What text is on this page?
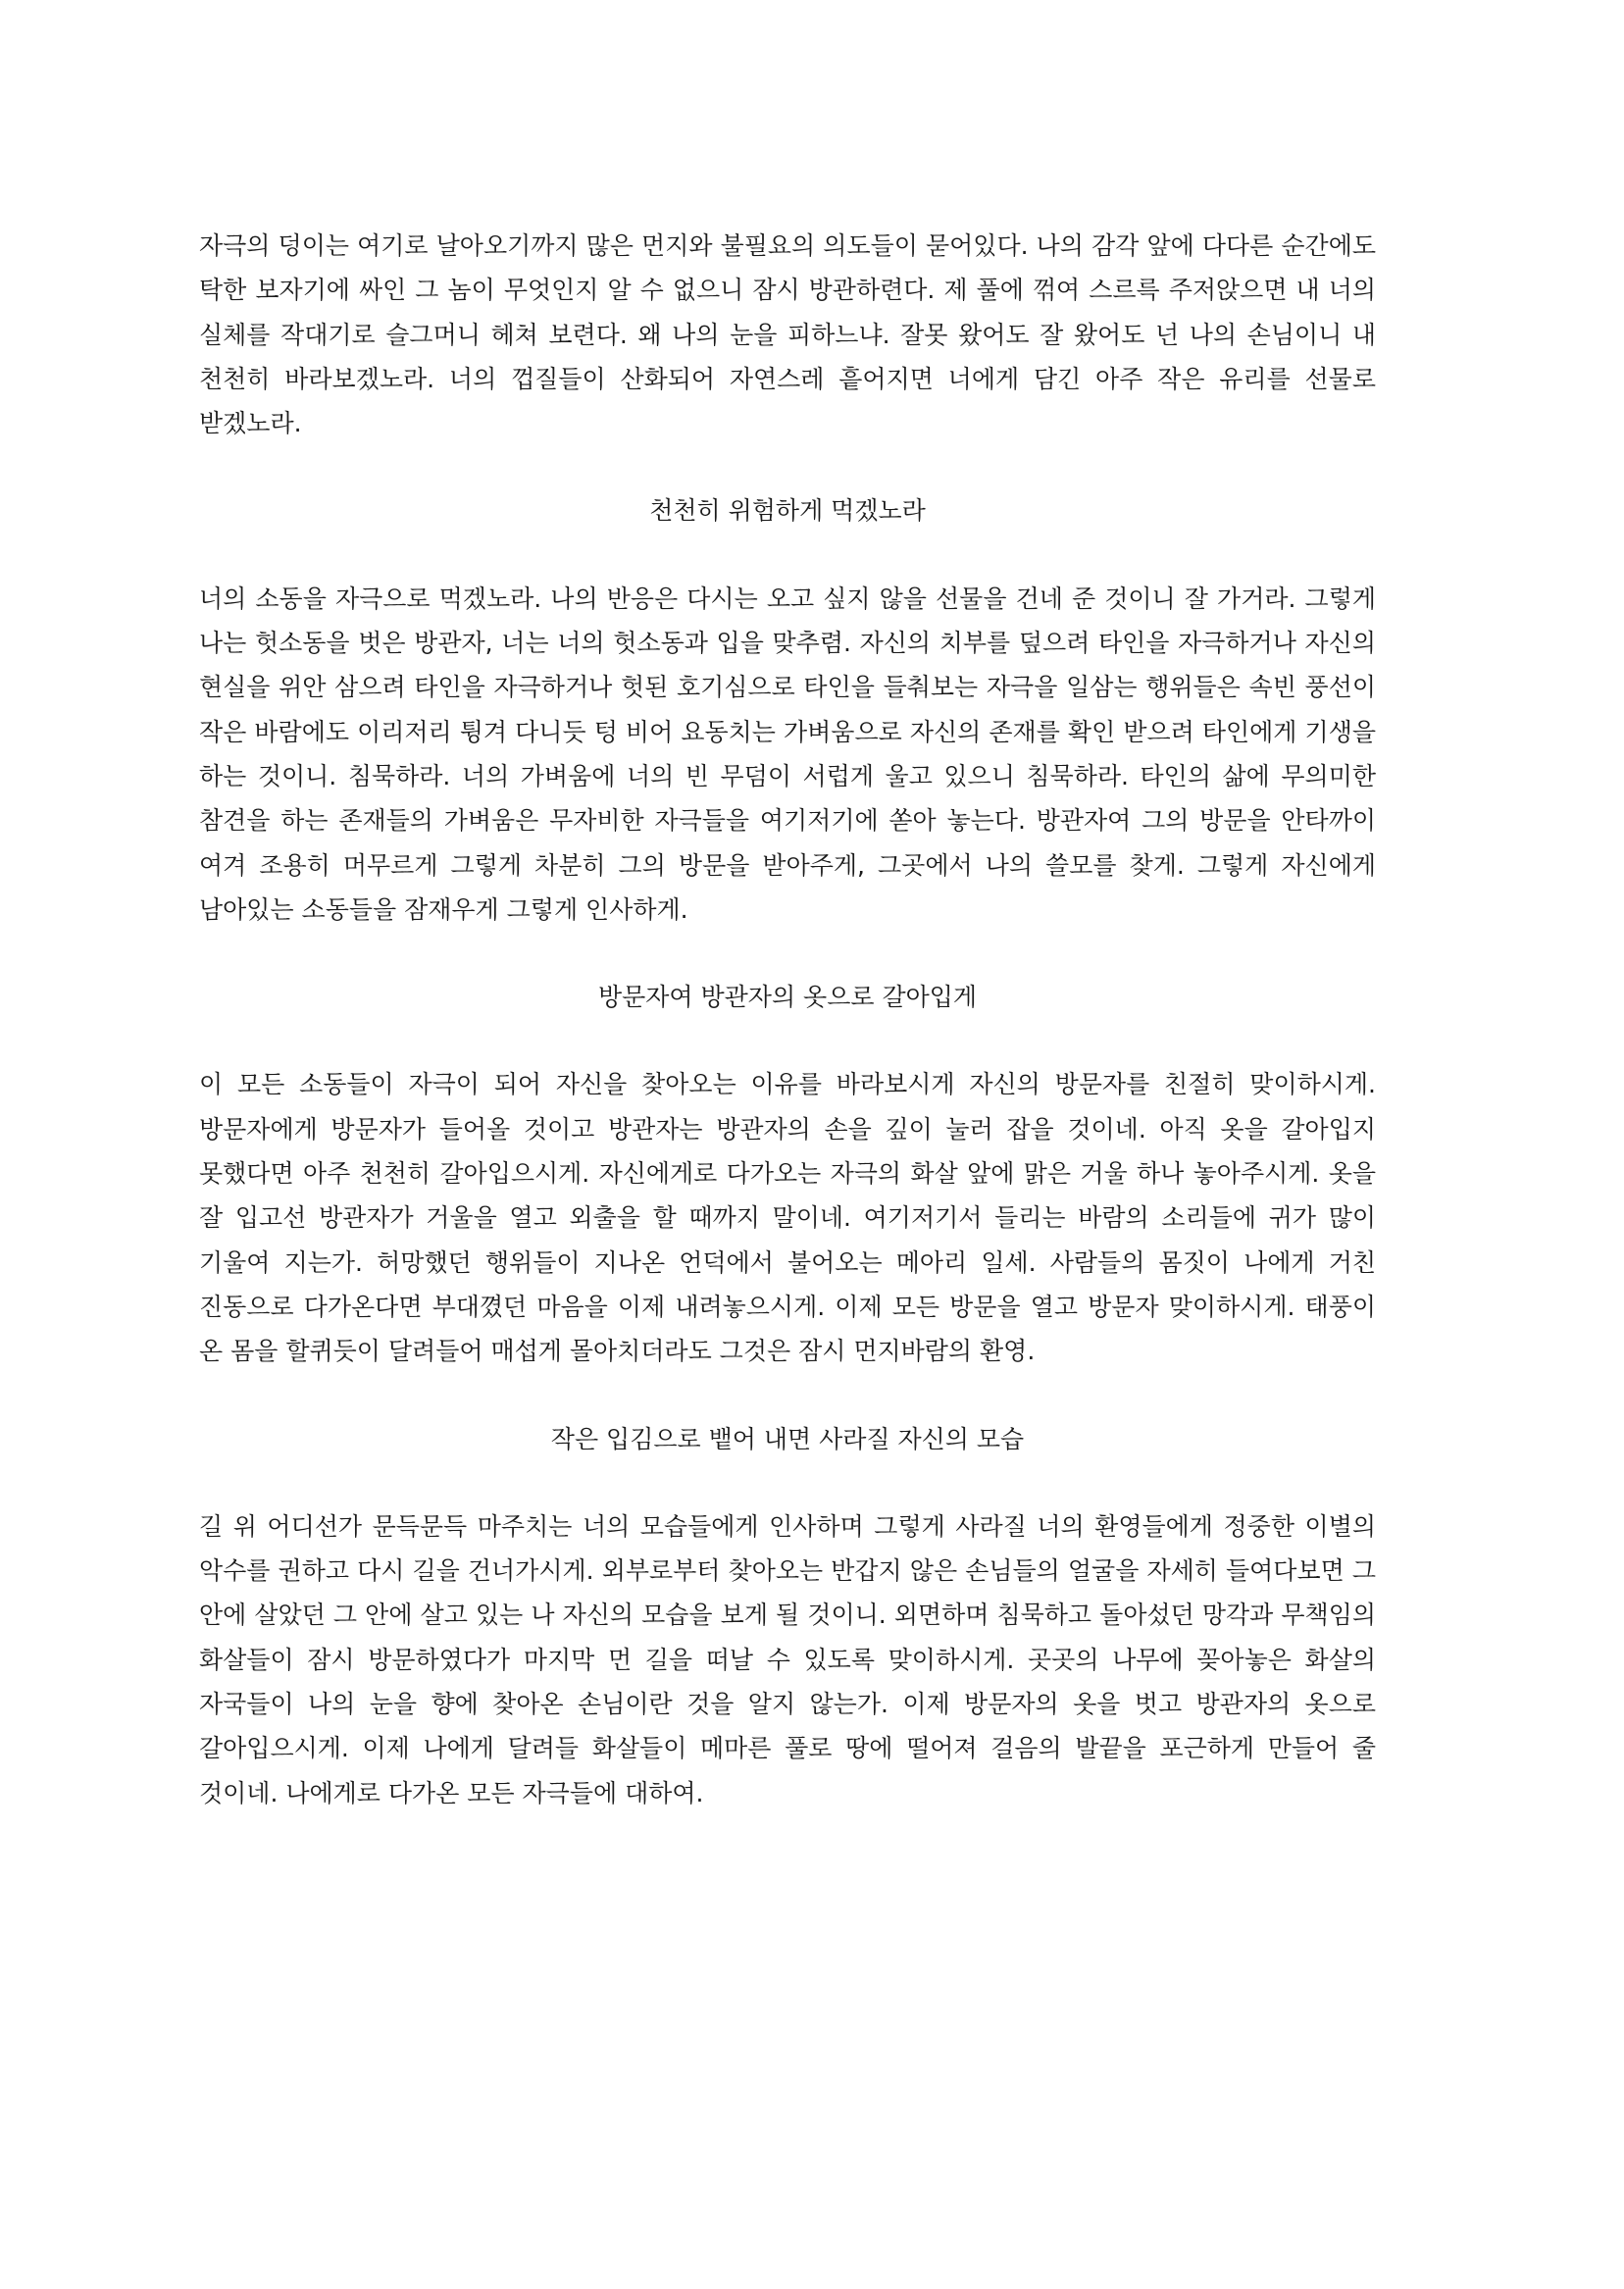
자극의 덩이는 여기로 날아오기까지 많은 먼지와 불필요의 의도들이 묻어있다. 나의 감각 앞에 다다른 순간에도 탁한 보자기에 싸인 그 놈이 무엇인지 알 수 없으니 잠시 방관하련다. 제 풀에 꺾여 스르륵 주저앉으면 내 너의 실체를 작대기로 슬그머니 헤쳐 보련다. 왜 나의 눈을 피하느냐. 잘못 왔어도 잘 왔어도 넌 나의 손님이니 내 천천히 바라보겠노라. 너의 껍질들이 산화되어 자연스레 흩어지면 너에게 담긴 아주 작은 유리를 선물로 받겠노라.

천천히 위험하게 먹겠노라

너의 소동을 자극으로 먹겠노라. 나의 반응은 다시는 오고 싶지 않을 선물을 건네 준 것이니 잘 가거라. 그렇게 나는 헛소동을 벗은 방관자, 너는 너의 헛소동과 입을 맞추렴. 자신의 치부를 덮으려 타인을 자극하거나 자신의 현실을 위안 삼으려 타인을 자극하거나 헛된 호기심으로 타인을 들춰보는 자극을 일삼는 행위들은 속빈 풍선이 작은 바람에도 이리저리 튕겨 다니듯 텅 비어 요동치는 가벼움으로 자신의 존재를 확인 받으려 타인에게 기생을 하는 것이니. 침묵하라. 너의 가벼움에 너의 빈 무덤이 서럽게 울고 있으니 침묵하라. 타인의 삶에 무의미한 참견을 하는 존재들의 가벼움은 무자비한 자극들을 여기저기에 쏟아 놓는다. 방관자여 그의 방문을 안타까이 여겨 조용히 머무르게 그렇게 차분히 그의 방문을 받아주게, 그곳에서 나의 쓸모를 찾게. 그렇게 자신에게 남아있는 소동들을 잠재우게 그렇게 인사하게.

방문자여 방관자의 옷으로 갈아입게

이 모든 소동들이 자극이 되어 자신을 찾아오는 이유를 바라보시게 자신의 방문자를 친절히 맞이하시게. 방문자에게 방문자가 들어올 것이고 방관자는 방관자의 손을 깊이 눌러 잡을 것이네. 아직 옷을 갈아입지 못했다면 아주 천천히 갈아입으시게. 자신에게로 다가오는 자극의 화살 앞에 맑은 거울 하나 놓아주시게. 옷을 잘 입고선 방관자가 거울을 열고 외출을 할 때까지 말이네. 여기저기서 들리는 바람의 소리들에 귀가 많이 기울여 지는가. 허망했던 행위들이 지나온 언덕에서 불어오는 메아리 일세. 사람들의 몸짓이 나에게 거친 진동으로 다가온다면 부대꼈던 마음을 이제 내려놓으시게. 이제 모든 방문을 열고 방문자 맞이하시게. 태풍이 온 몸을 할퀴듯이 달려들어 매섭게 몰아치더라도 그것은 잠시 먼지바람의 환영.

작은 입김으로 뱉어 내면 사라질 자신의 모습

길 위 어디선가 문득문득 마주치는 너의 모습들에게 인사하며 그렇게 사라질 너의 환영들에게 정중한 이별의 악수를 권하고 다시 길을 건너가시게. 외부로부터 찾아오는 반갑지 않은 손님들의 얼굴을 자세히 들여다보면 그 안에 살았던 그 안에 살고 있는 나 자신의 모습을 보게 될 것이니. 외면하며 침묵하고 돌아섰던 망각과 무책임의 화살들이 잠시 방문하였다가 마지막 먼 길을 떠날 수 있도록 맞이하시게. 곳곳의 나무에 꽂아놓은 화살의 자국들이 나의 눈을 향에 찾아온 손님이란 것을 알지 않는가. 이제 방문자의 옷을 벗고 방관자의 옷으로 갈아입으시게. 이제 나에게 달려들 화살들이 메마른 풀로 땅에 떨어져 걸음의 발끝을 포근하게 만들어 줄 것이네. 나에게로 다가온 모든 자극들에 대하여.
